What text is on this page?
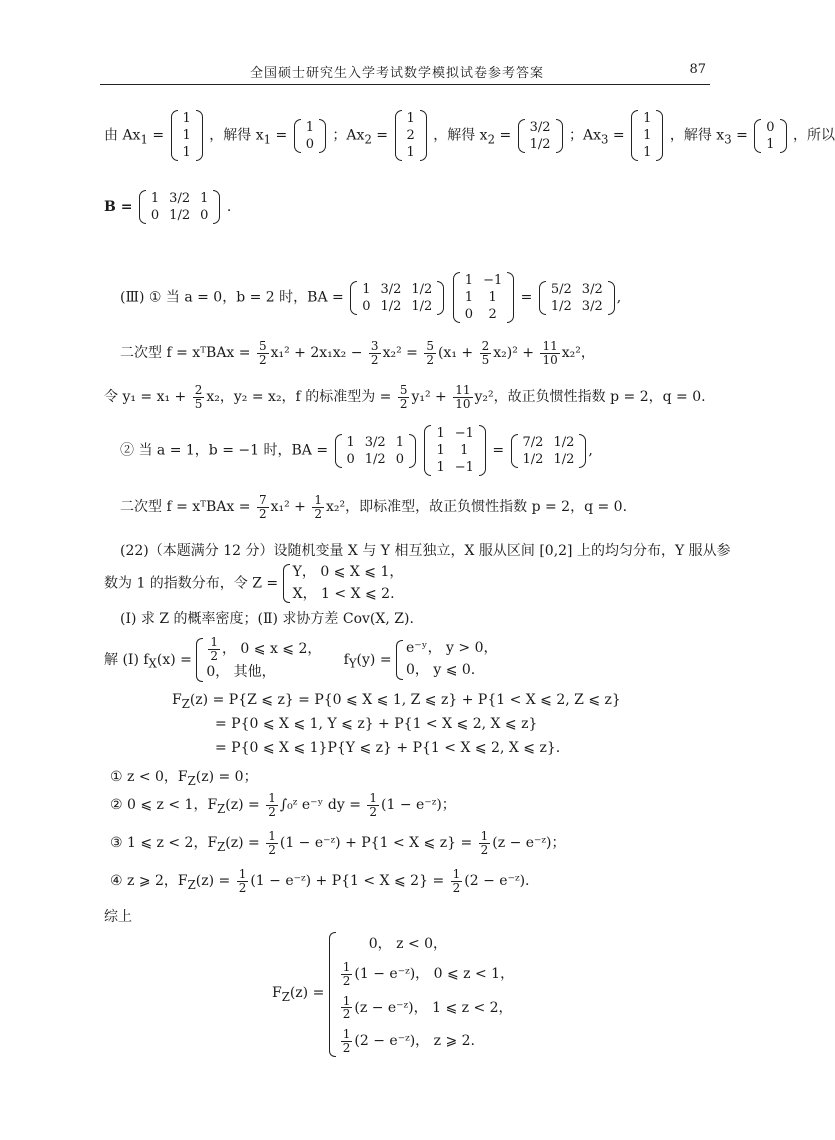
全国硕士研究生入学考试数学模拟试卷参考答案	87
由 $Ax_1$ =
1
1
1
，解得 $x_1$ =
1
0
；$Ax_2$ =
1
2
1
，解得 $x_2$ =
3/2
1/2
；$Ax_3$ =
1
1
1
，解得 $x_3$ =
0
1
，所以
B =
1	3/2	1
0	1/2	0
.
(Ⅲ) ① 当 a = 0，b = 2 时，BA =
1	3/2	1/2
0	1/2	1/2

1	−1
1	1
0	2
=
5/2	3/2
1/2	3/2
,
二次型 f = xᵀBAx = $\frac{5}{2} x_1^2 + 2x_1x_2 - \frac{3}{2} x_2^2 = \frac{5}{2} (x_1 + \frac{2}{5} x_2)^2 + \frac{11}{10} x_2^2$，
令 $y_1 = x_1 + \frac{2}{5} x_2$，y₂ = x₂，f 的标准型为 = $\frac{5}{2} y_1^2 + \frac{11}{10} y_2^2$，故正负惯性指数 p = 2，q = 0.
② 当 a = 1，b = −1 时，BA =
1	3/2	1
0	1/2	0

1	−1
1	1
1	−1
=
7/2	1/2
1/2	1/2
,
二次型 f = xᵀBAx = $\frac{7}{2} x_1^2 + \frac{1}{2} x_2^2$，即标准型，故正负惯性指数 p = 2，q = 0.
(22)（本题满分 12 分）设随机变量 X 与 Y 相互独立，X 服从区间 [0,2] 上的均匀分布，Y 服从参
数为 1 的指数分布，令 Z =
Y， 0 ⩽ X ⩽ 1，
X， 1 < X ⩽ 2.
(Ⅰ) 求 Z 的概率密度；(Ⅱ) 求协方差 Cov(X, Z).
解 (Ⅰ) $f_X(x) = \frac{1}{2}$ ， 0 ⩽ x ⩽ 2，
0， 其他，
$f_Y(y)$ =
e⁻ʸ， y > 0，
0， y ⩽ 0.
$F_Z(z) = P\{Z$ ⩽ z} = P{0 ⩽ X ⩽ 1, Z ⩽ z} + P{1 < X ⩽ 2, Z ⩽ z}
= P{0 ⩽ X ⩽ 1, Y ⩽ z} + P{1 < X ⩽ 2, X ⩽ z}
= P{0 ⩽ X ⩽ 1}P{Y ⩽ z} + P{1 < X ⩽ 2, X ⩽ z}.
① z < 0，$F_Z(z) = 0$；
② 0 ⩽ z < 1，$F_Z(z) = \frac{1}{2}$ ∫₀ᶻ e⁻ʸ dy = $\frac{1}{2} (1$ − e⁻ᶻ)；
③ 1 ⩽ z < 2，$F_Z(z) = \frac{1}{2} (1$ − e⁻ᶻ) + P{1 < X ⩽ $z\} = \frac{1}{2} (z$ − e⁻ᶻ)；
④ z ⩾ 2，$F_Z(z) = \frac{1}{2} (1$ − e⁻ᶻ) + P{1 < X ⩽ $2\} = \frac{1}{2} (2$ − e⁻ᶻ).
综上
$F_Z(z)$ =
0， z < 0，
$\frac{1}{2} (1$ − e⁻ᶻ)， 0 ⩽ z < 1，
$\frac{1}{2} (z$ − e⁻ᶻ)， 1 ⩽ z < 2，
$\frac{1}{2} (2$ − e⁻ᶻ)， z ⩾ 2.
